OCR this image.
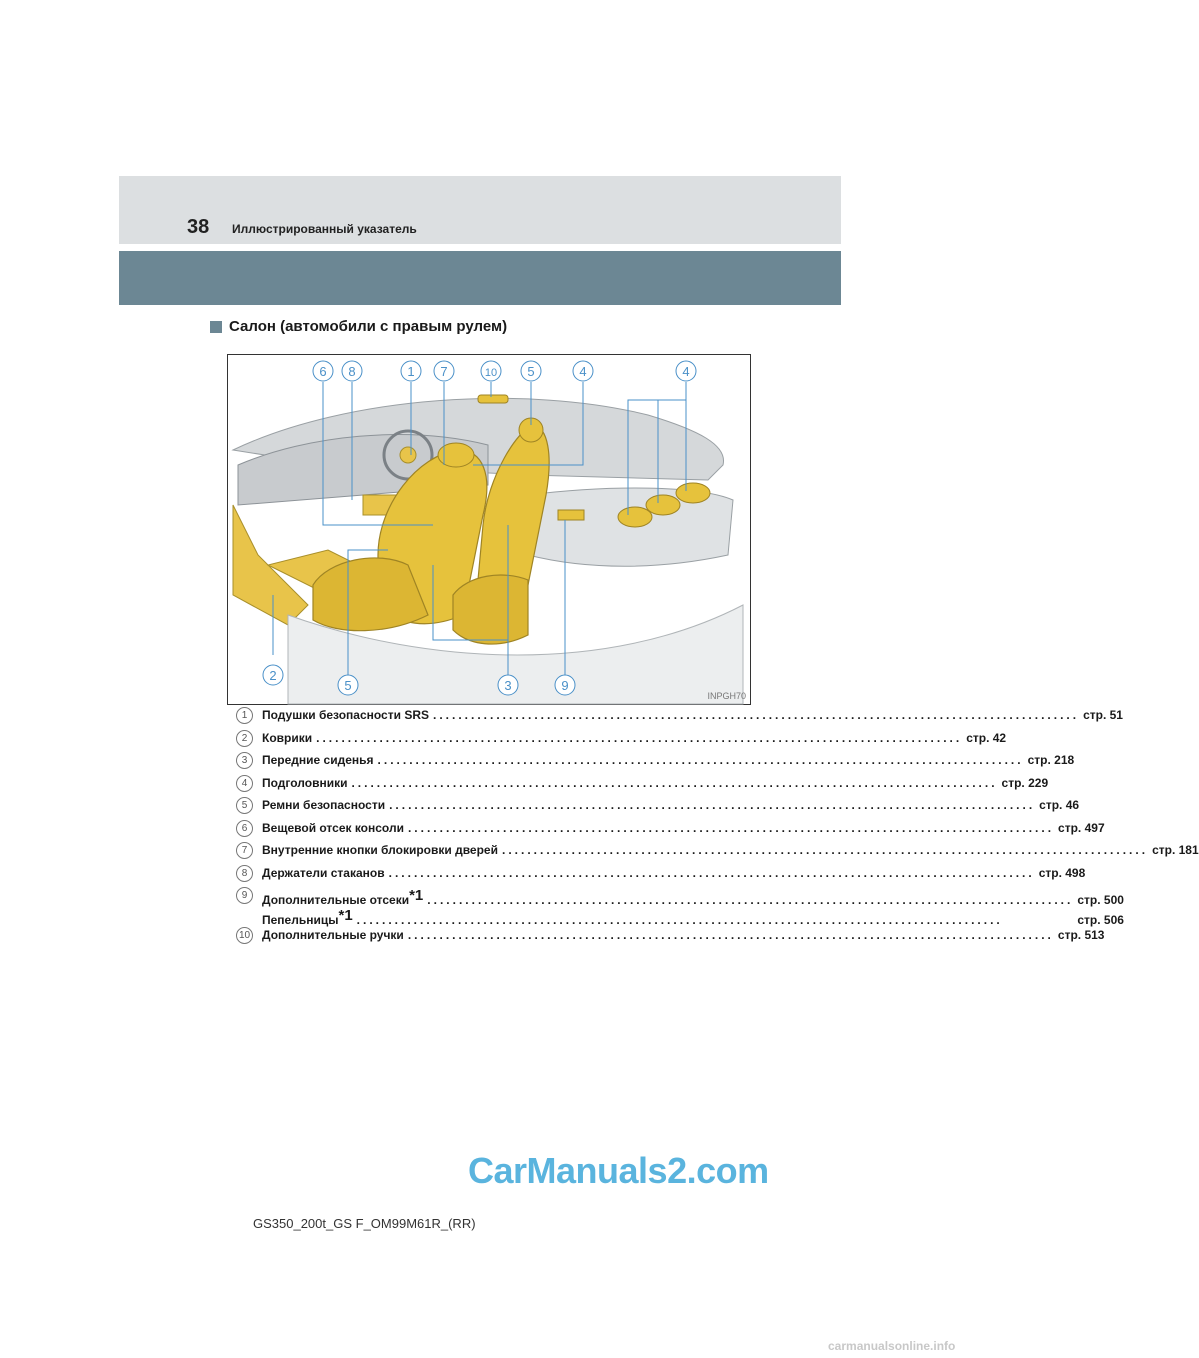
38 Иллюстрированный указатель
Салон (автомобили с правым рулем)
6 8	1 7	10 5	4	4
2
5	3	9
INPGH70
1	Подушки безопасности SRS ...................................................................................................... стр. 51
2	Коврики ...................................................................................................... стр. 42
3	Передние сиденья ...................................................................................................... стр. 218
4	Подголовники ...................................................................................................... стр. 229
5	Ремни безопасности ...................................................................................................... стр. 46
6	Вещевой отсек консоли ...................................................................................................... стр. 497
7	Внутренние кнопки блокировки дверей ...................................................................................................... стр. 181
8	Держатели стаканов ...................................................................................................... стр. 498
9	Дополнительные отсеки*1 ...................................................................................................... стр. 500
Пепельницы*1 ......................................................................................................	стр. 506
10 Дополнительные ручки ...................................................................................................... стр. 513
CarManuals2.com
GS350_200t_GS F_OM99M61R_(RR)
carmanualsonline.info
